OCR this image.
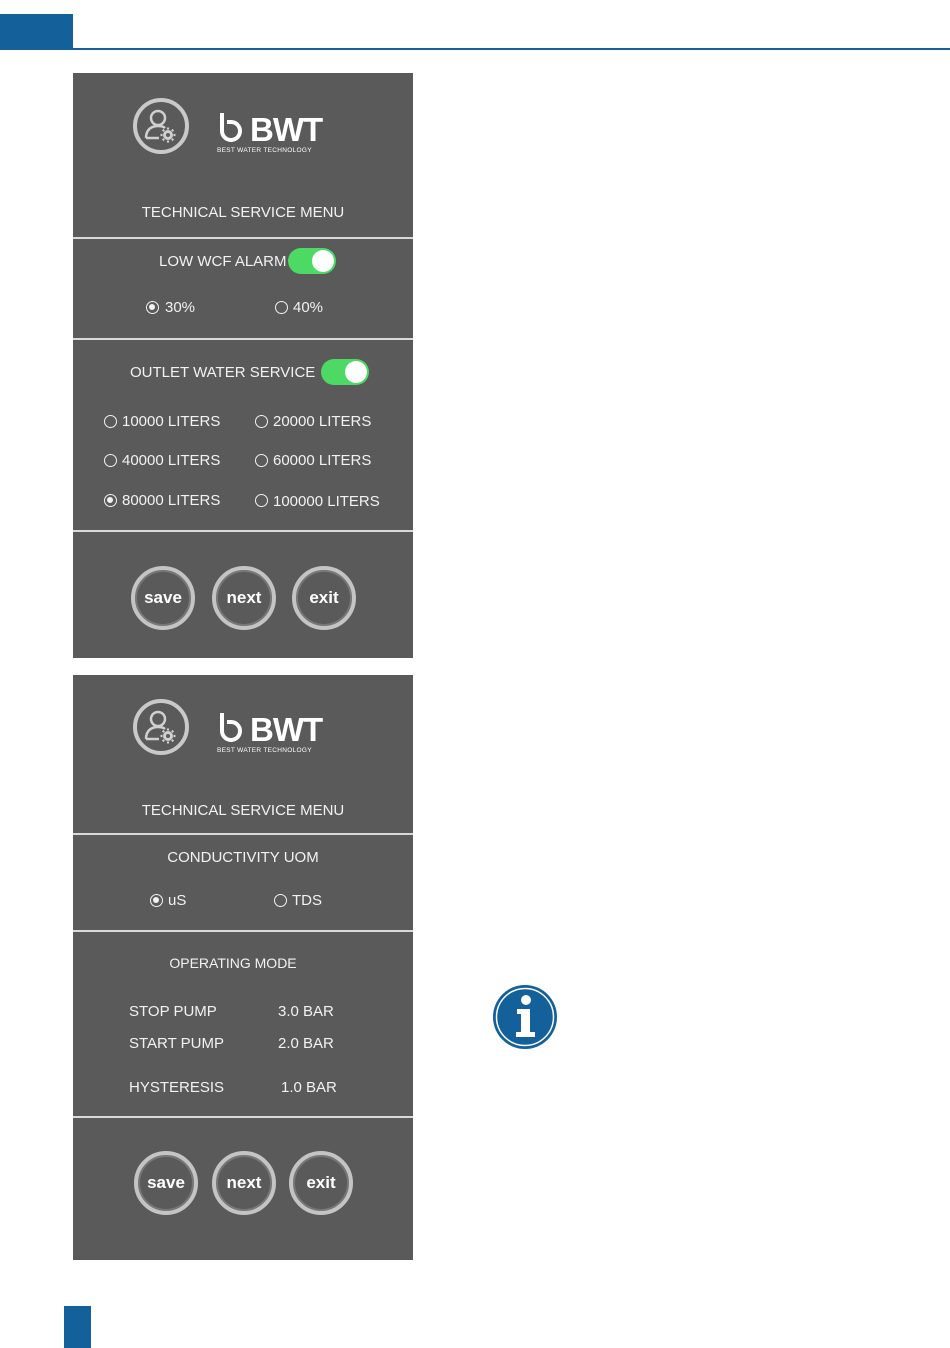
BWT
BEST WATER TECHNOLOGY
TECHNICAL SERVICE MENU
LOW WCF ALARM
30%	40%
OUTLET WATER SERVICE
10000 LITERS	20000 LITERS
40000 LITERS	60000 LITERS
80000 LITERS	100000 LITERS
save	next	exit
BWT
BEST WATER TECHNOLOGY
TECHNICAL SERVICE MENU
CONDUCTIVITY UOM
uS	TDS
OPERATING MODE
STOP PUMP	3.0 BAR
START PUMP	2.0 BAR
HYSTERESIS	1.0 BAR
save	next	exit
